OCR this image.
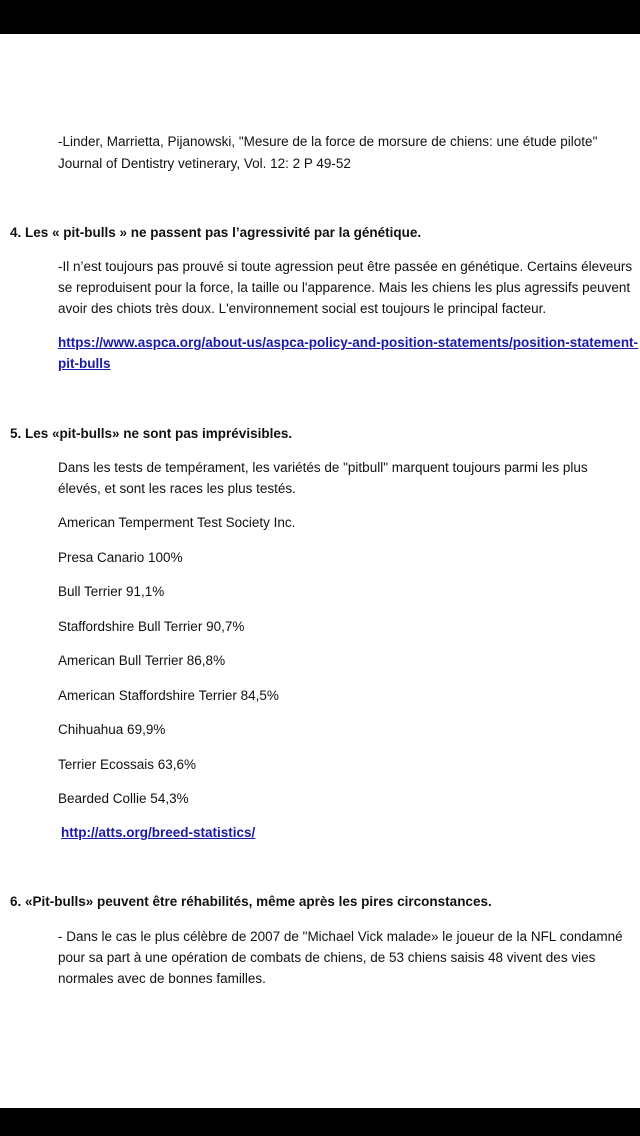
-Linder, Marrietta, Pijanowski, "Mesure de la force de morsure de chiens: une étude pilote"
Journal of Dentistry vetinerary, Vol. 12: 2 P 49-52
4. Les « pit-bulls » ne passent pas l’agressivité par la génétique.
-Il n’est toujours pas prouvé si toute agression peut être passée en génétique. Certains éleveurs
se reproduisent pour la force, la taille ou l'apparence. Mais les chiens les plus agressifs peuvent
avoir des chiots très doux. L'environnement social est toujours le principal facteur.
https://www.aspca.org/about-us/aspca-policy-and-position-statements/position-statement-
pit-bulls
5. Les «pit-bulls» ne sont pas imprévisibles.
Dans les tests de tempérament, les variétés de "pitbull" marquent toujours parmi les plus
élevés, et sont les races les plus testés.
American Temperment Test Society Inc.
Presa Canario 100%
Bull Terrier 91,1%
Staffordshire Bull Terrier 90,7%
American Bull Terrier 86,8%
American Staffordshire Terrier 84,5%
Chihuahua 69,9%
Terrier Ecossais 63,6%
Bearded Collie 54,3%
http://atts.org/breed-statistics/
6. «Pit-bulls» peuvent être réhabilités, même après les pires circonstances.
- Dans le cas le plus célèbre de 2007 de "Michael Vick malade» le joueur de la NFL condamné
pour sa part à une opération de combats de chiens, de 53 chiens saisis 48 vivent des vies
normales avec de bonnes familles.
